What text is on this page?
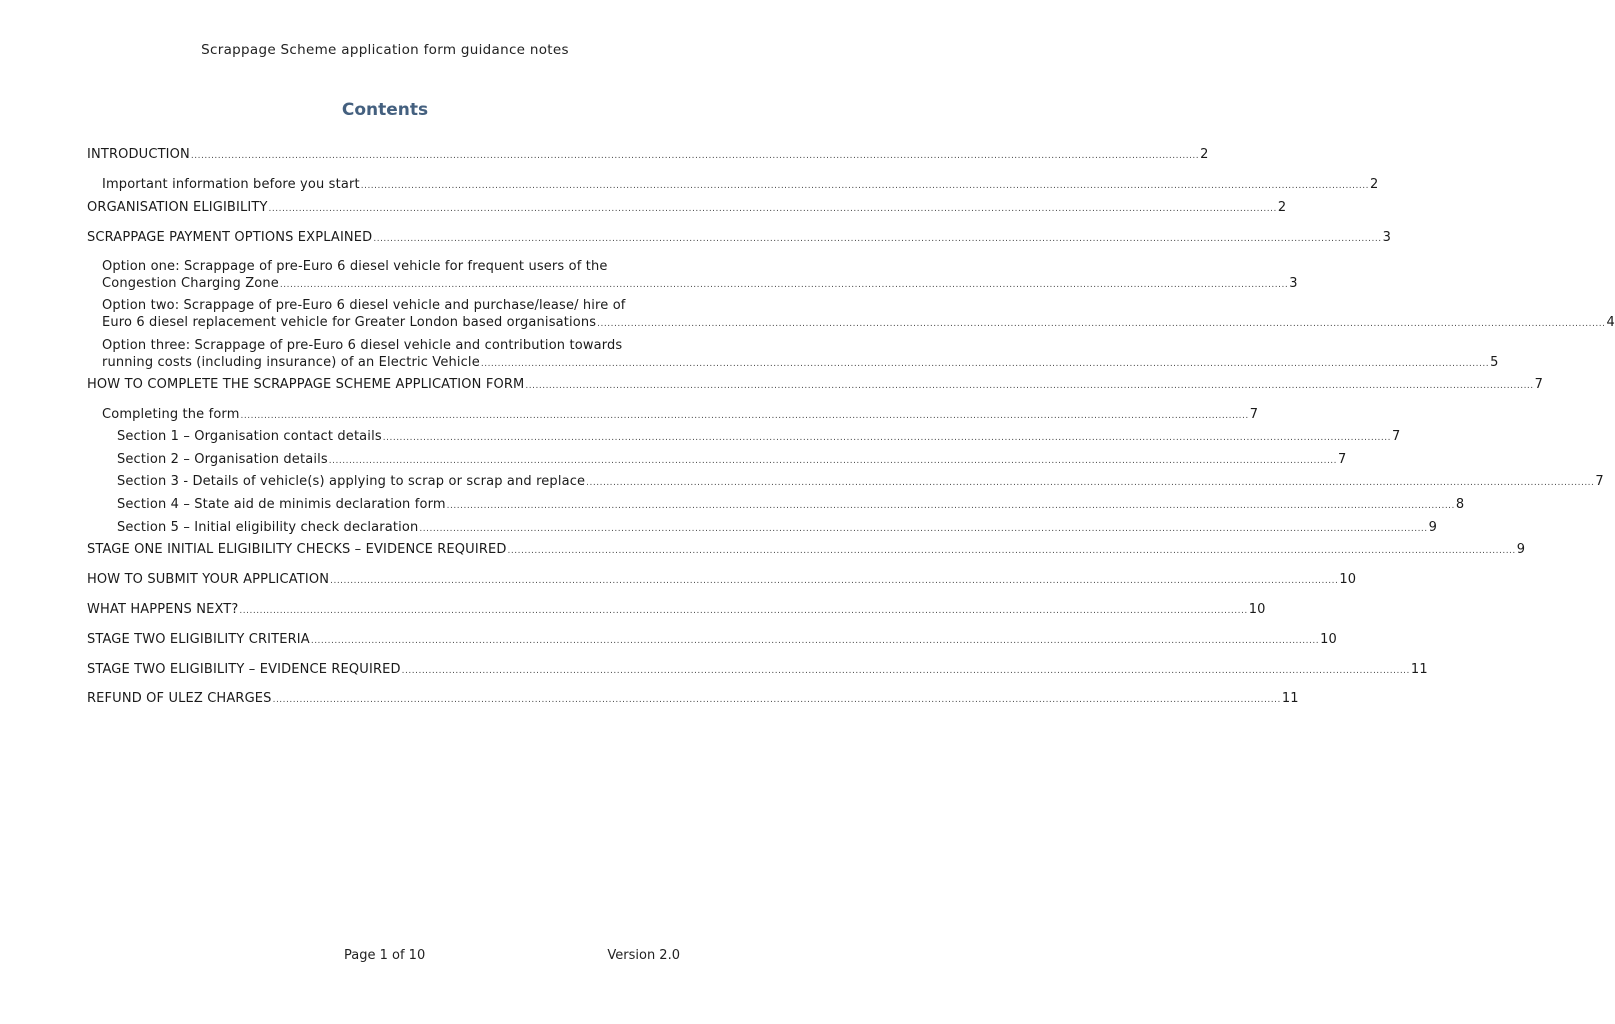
Scrappage Scheme application form guidance notes
Contents
INTRODUCTION ............................................................................................................................................................................................................................................................................................................ 2
Important information before you start ............................................................................................................................................................................................................................................................................................................ 2
ORGANISATION ELIGIBILITY ............................................................................................................................................................................................................................................................................................................ 2
SCRAPPAGE PAYMENT OPTIONS EXPLAINED ............................................................................................................................................................................................................................................................................................................ 3
Option one: Scrappage of pre-Euro 6 diesel vehicle for frequent users of the
Congestion Charging Zone ............................................................................................................................................................................................................................................................................................................ 3
Option two: Scrappage of pre-Euro 6 diesel vehicle and purchase/lease/ hire of
Euro 6 diesel replacement vehicle for Greater London based organisations ............................................................................................................................................................................................................................................................................................................ 4
Option three: Scrappage of pre-Euro 6 diesel vehicle and contribution towards
running costs (including insurance) of an Electric Vehicle ............................................................................................................................................................................................................................................................................................................ 5
HOW TO COMPLETE THE SCRAPPAGE SCHEME APPLICATION FORM ............................................................................................................................................................................................................................................................................................................ 7
Completing the form ............................................................................................................................................................................................................................................................................................................ 7
Section 1 – Organisation contact details ............................................................................................................................................................................................................................................................................................................ 7
Section 2 – Organisation details ............................................................................................................................................................................................................................................................................................................ 7
Section 3 - Details of vehicle(s) applying to scrap or scrap and replace ............................................................................................................................................................................................................................................................................................................ 7
Section 4 – State aid de minimis declaration form ............................................................................................................................................................................................................................................................................................................ 8
Section 5 – Initial eligibility check declaration ............................................................................................................................................................................................................................................................................................................ 9
STAGE ONE INITIAL ELIGIBILITY CHECKS – EVIDENCE REQUIRED ............................................................................................................................................................................................................................................................................................................ 9
HOW TO SUBMIT YOUR APPLICATION ............................................................................................................................................................................................................................................................................................................ 10
WHAT HAPPENS NEXT? ............................................................................................................................................................................................................................................................................................................ 10
STAGE TWO ELIGIBILITY CRITERIA ............................................................................................................................................................................................................................................................................................................ 10
STAGE TWO ELIGIBILITY – EVIDENCE REQUIRED ............................................................................................................................................................................................................................................................................................................ 11
REFUND OF ULEZ CHARGES ............................................................................................................................................................................................................................................................................................................ 11
Page 1 of 10	Version 2.0
